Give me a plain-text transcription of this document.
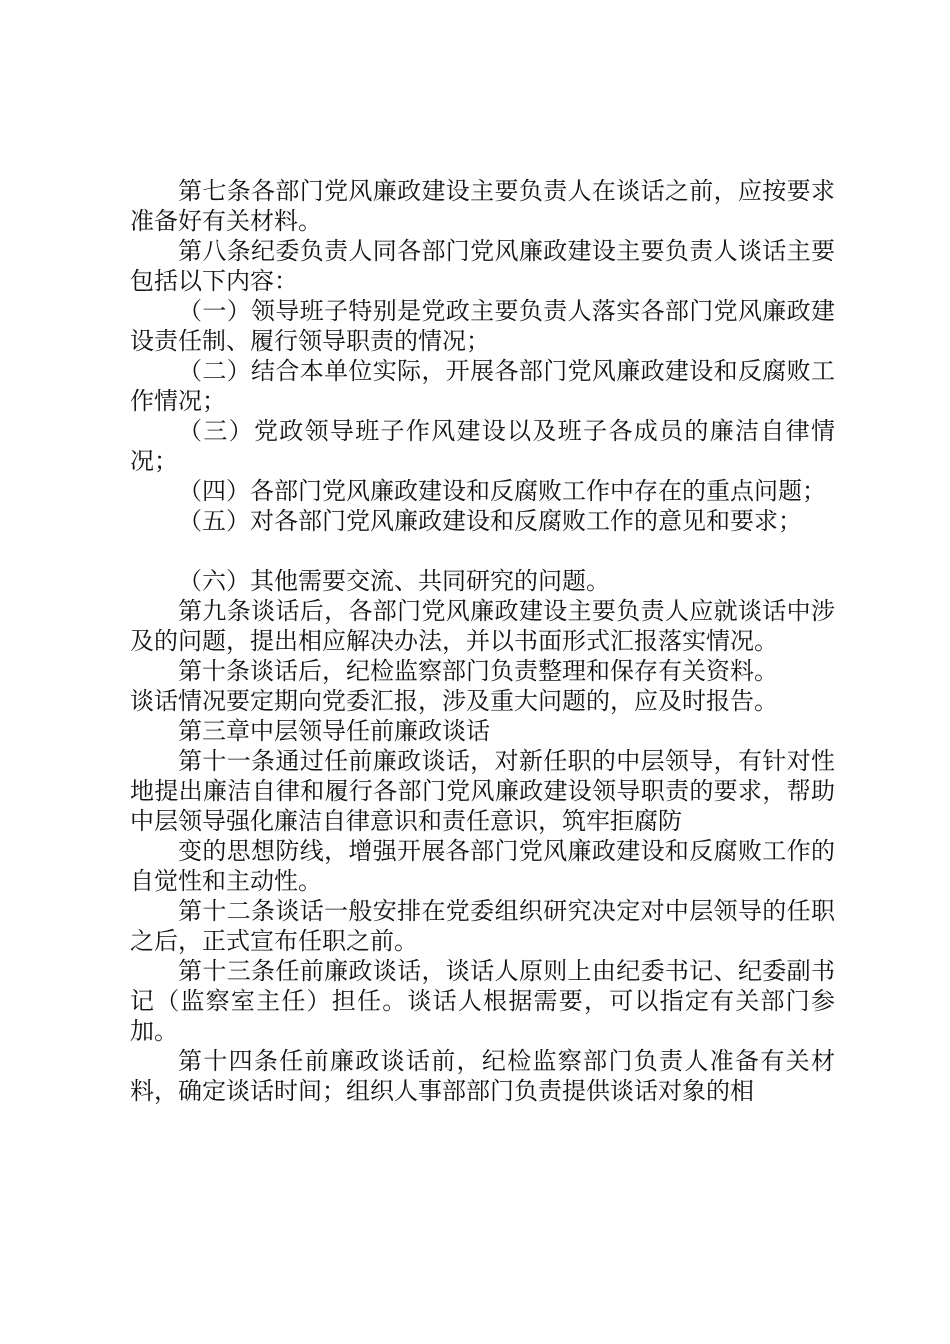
第七条各部门党风廉政建设主要负责人在谈话之前，应按要求准备好有关材料。

第八条纪委负责人同各部门党风廉政建设主要负责人谈话主要包括以下内容：

（一）领导班子特别是党政主要负责人落实各部门党风廉政建设责任制、履行领导职责的情况；

（二）结合本单位实际，开展各部门党风廉政建设和反腐败工作情况；

（三）党政领导班子作风建设以及班子各成员的廉洁自律情况；

（四）各部门党风廉政建设和反腐败工作中存在的重点问题；

（五）对各部门党风廉政建设和反腐败工作的意见和要求；

（六）其他需要交流、共同研究的问题。

第九条谈话后，各部门党风廉政建设主要负责人应就谈话中涉及的问题，提出相应解决办法，并以书面形式汇报落实情况。

第十条谈话后，纪检监察部门负责整理和保存有关资料。

谈话情况要定期向党委汇报，涉及重大问题的，应及时报告。

第三章中层领导任前廉政谈话

第十一条通过任前廉政谈话，对新任职的中层领导，有针对性地提出廉洁自律和履行各部门党风廉政建设领导职责的要求，帮助中层领导强化廉洁自律意识和责任意识，筑牢拒腐防

变的思想防线，增强开展各部门党风廉政建设和反腐败工作的自觉性和主动性。

第十二条谈话一般安排在党委组织研究决定对中层领导的任职之后，正式宣布任职之前。

第十三条任前廉政谈话，谈话人原则上由纪委书记、纪委副书记（监察室主任）担任。谈话人根据需要，可以指定有关部门参加。

第十四条任前廉政谈话前，纪检监察部门负责人准备有关材料，确定谈话时间；组织人事部部门负责提供谈话对象的相
